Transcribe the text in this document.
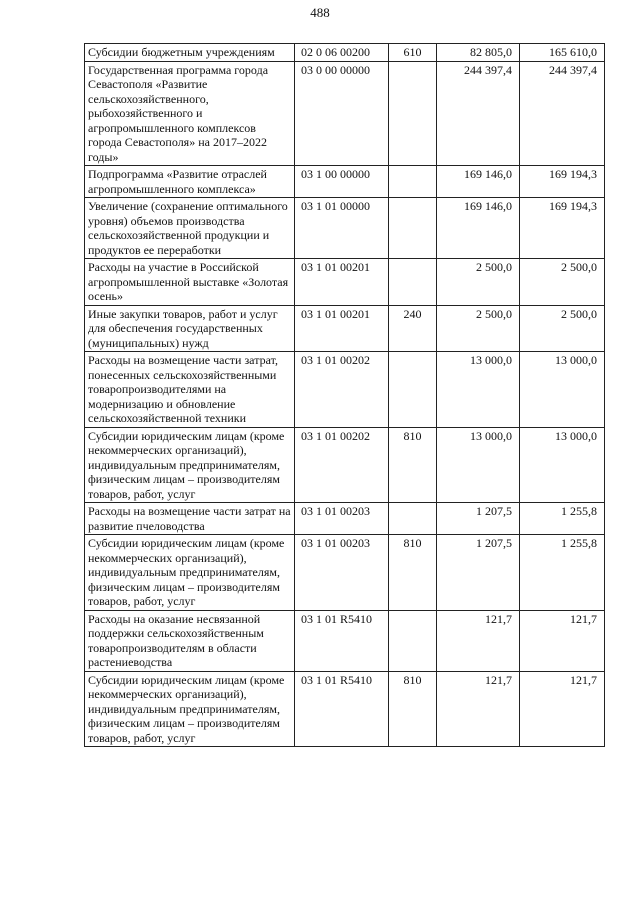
488
Субсидии бюджетным учреждениям	02 0 06 00200	610	82 805,0	165 610,0
Государственная программа города Севастополя «Развитие сельскохозяйственного, рыбохозяйственного и агропромышленного комплексов города Севастополя» на 2017–2022 годы»	03 0 00 00000		244 397,4	244 397,4
Подпрограмма «Развитие отраслей агропромышленного комплекса»	03 1 00 00000		169 146,0	169 194,3
Увеличение (сохранение оптимального уровня) объемов производства сельскохозяйственной продукции и продуктов ее переработки	03 1 01 00000		169 146,0	169 194,3
Расходы на участие в Российской агропромышленной выставке «Золотая осень»	03 1 01 00201		2 500,0	2 500,0
Иные закупки товаров, работ и услуг для обеспечения государственных (муниципальных) нужд	03 1 01 00201	240	2 500,0	2 500,0
Расходы на возмещение части затрат, понесенных сельскохозяйственными товаропроизводителями на модернизацию и обновление сельскохозяйственной техники	03 1 01 00202		13 000,0	13 000,0
Субсидии юридическим лицам (кроме некоммерческих организаций), индивидуальным предпринимателям, физическим лицам – производителям товаров, работ, услуг	03 1 01 00202	810	13 000,0	13 000,0
Расходы на возмещение части затрат на развитие пчеловодства	03 1 01 00203		1 207,5	1 255,8
Субсидии юридическим лицам (кроме некоммерческих организаций), индивидуальным предпринимателям, физическим лицам – производителям товаров, работ, услуг	03 1 01 00203	810	1 207,5	1 255,8
Расходы на оказание несвязанной поддержки сельскохозяйственным товаропроизводителям в области растениеводства	03 1 01 R5410		121,7	121,7
Субсидии юридическим лицам (кроме некоммерческих организаций), индивидуальным предпринимателям, физическим лицам – производителям товаров, работ, услуг	03 1 01 R5410	810	121,7	121,7
